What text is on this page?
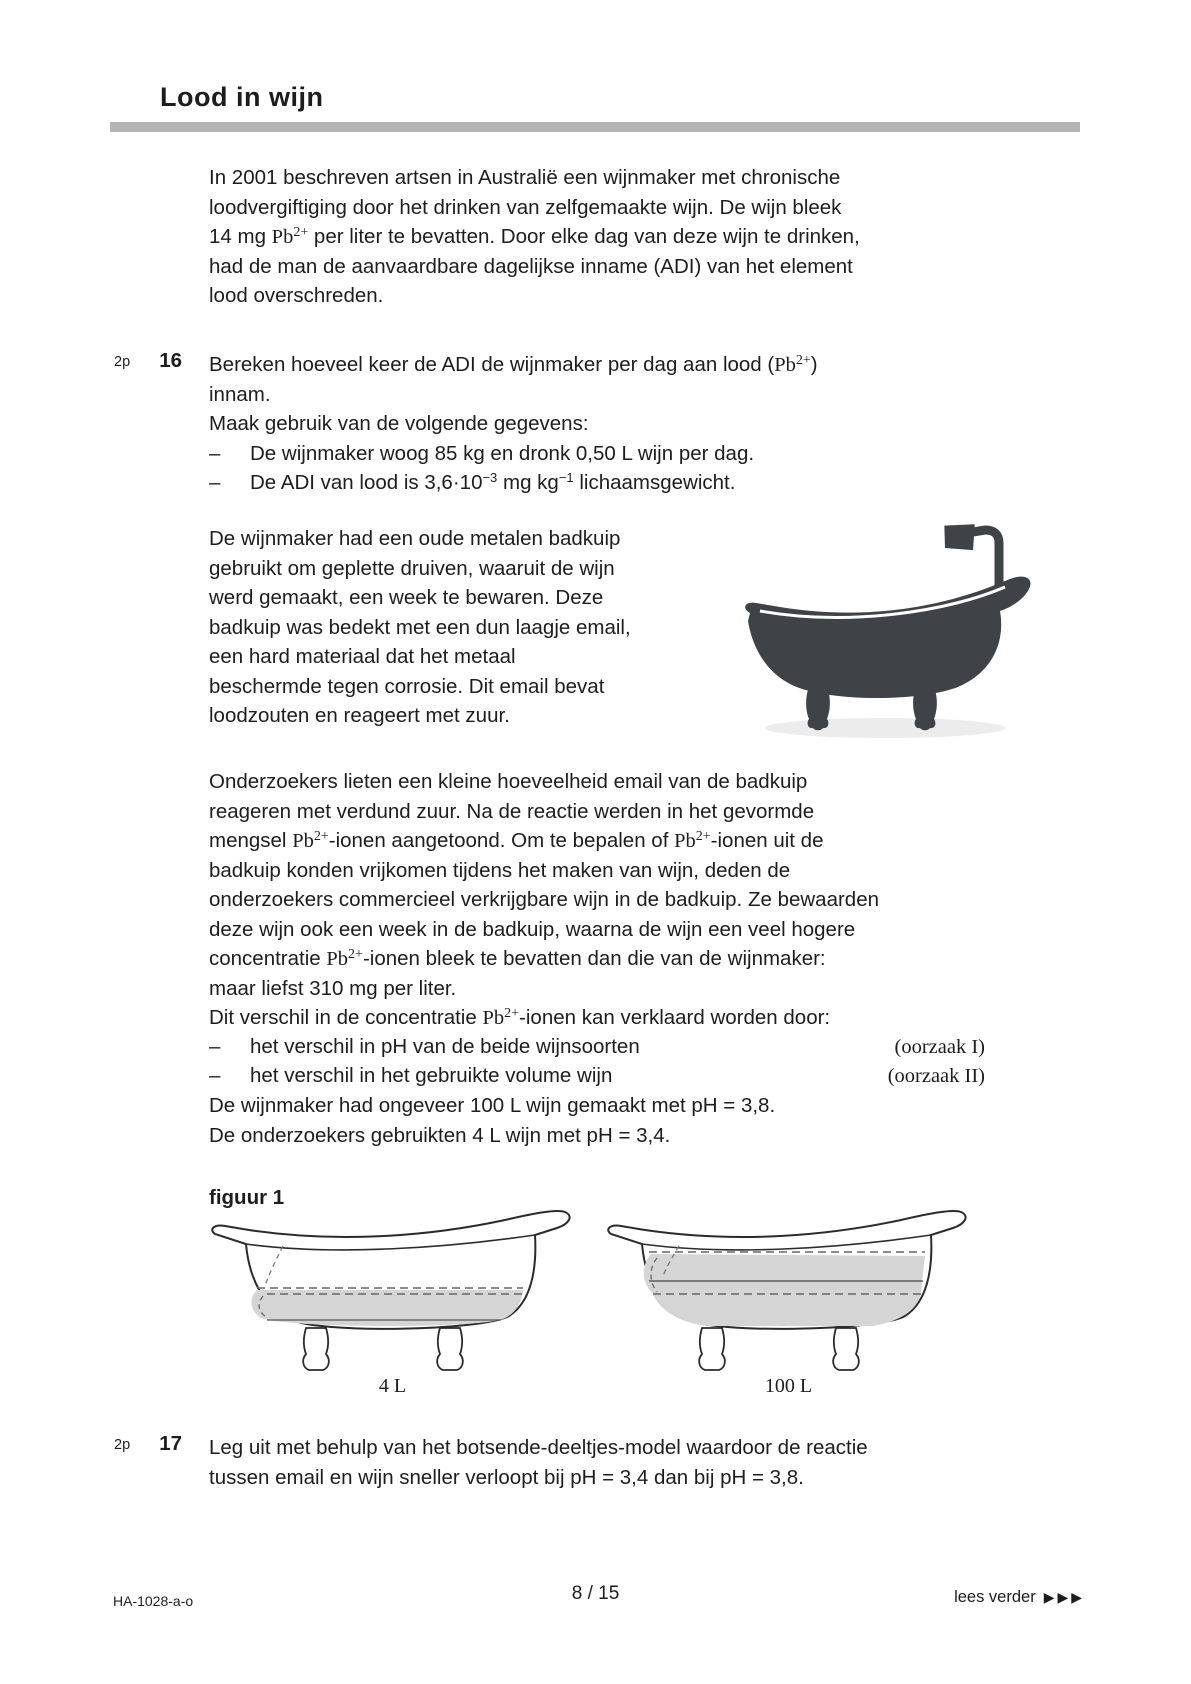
Lood in wijn
In 2001 beschreven artsen in Australië een wijnmaker met chronische
loodvergiftiging door het drinken van zelfgemaakte wijn. De wijn bleek
14 mg $Pb^{2+}$ per liter te bevatten. Door elke dag van deze wijn te drinken,
had de man de aanvaardbare dagelijkse inname (ADI) van het element
lood overschreden.
2p	16 Bereken hoeveel keer de ADI de wijnmaker per dag aan lood $(Pb^{2+})$
innam.
Maak gebruik van de volgende gegevens:
– De wijnmaker woog 85 kg en dronk 0,50 L wijn per dag.
– De ADI van lood is $3,6\cdot 10^{-3}$ mg $kg^{-1}$ lichaamsgewicht.
De wijnmaker had een oude metalen badkuip
gebruikt om geplette druiven, waaruit de wijn
werd gemaakt, een week te bewaren. Deze
badkuip was bedekt met een dun laagje email,
een hard materiaal dat het metaal
beschermde tegen corrosie. Dit email bevat
loodzouten en reageert met zuur.
Onderzoekers lieten een kleine hoeveelheid email van de badkuip
reageren met verdund zuur. Na de reactie werden in het gevormde
mengsel $Pb^{2+}$-ionen aangetoond. Om te bepalen of $Pb^{2+}$-ionen uit de
badkuip konden vrijkomen tijdens het maken van wijn, deden de
onderzoekers commercieel verkrijgbare wijn in de badkuip. Ze bewaarden
deze wijn ook een week in de badkuip, waarna de wijn een veel hogere
concentratie $Pb^{2+}$-ionen bleek te bevatten dan die van de wijnmaker:
maar liefst 310 mg per liter.
Dit verschil in de concentratie $Pb^{2+}$-ionen kan verklaard worden door:
–	het verschil in pH van de beide wijnsoorten	(oorzaak I)
–	het verschil in het gebruikte volume wijn	(oorzaak II)
De wijnmaker had ongeveer 100 L wijn gemaakt met pH = 3,8.
De onderzoekers gebruikten 4 L wijn met pH = 3,4.
figuur 1
4 L	100 L
2p	17 Leg uit met behulp van het botsende-deeltjes-model waardoor de reactie
tussen email en wijn sneller verloopt bij pH = 3,4 dan bij pH = 3,8.
HA-1028-a-o	8 / 15	lees verder ▶▶▶
